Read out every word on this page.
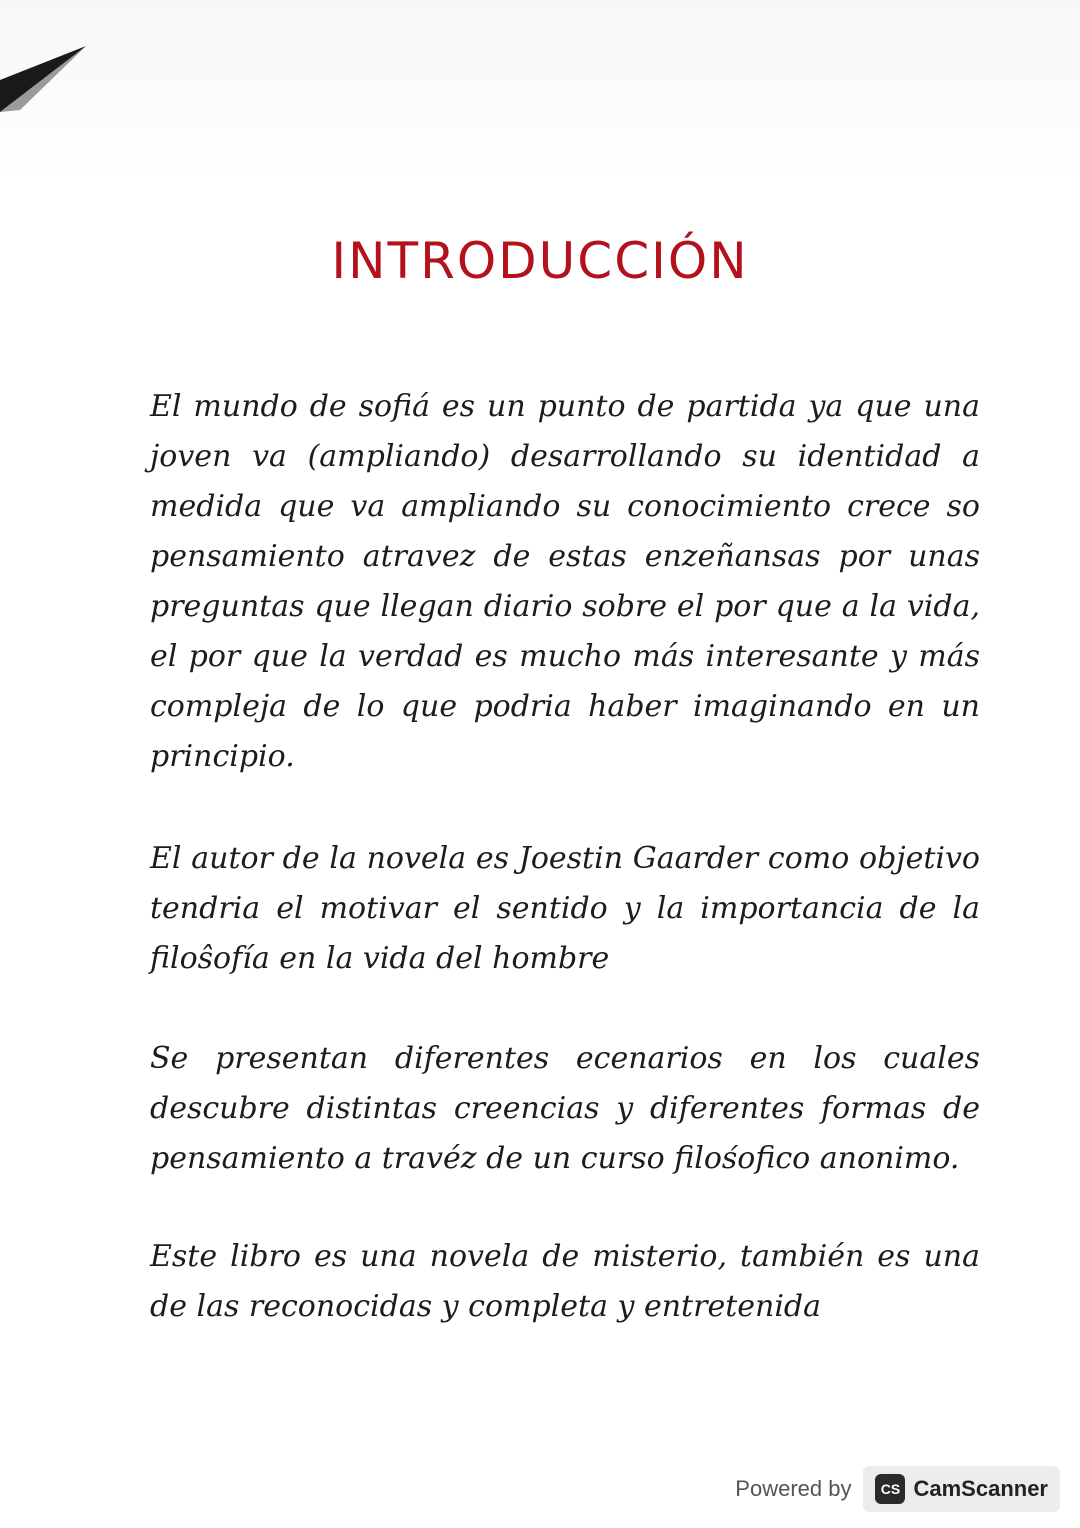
INTRODUCCIÓN

El mundo de sofiá es un punto de partida ya que una joven va (ampliando) desarrollando su identidad a medida que va ampliando su conocimiento crece so pensamiento atravez de estas enzeñansas por unas preguntas que llegan diario sobre el por que a la vida, el por que la verdad es mucho más interesante y más compleja de lo que podria haber imaginando en un principio.

El autor de la novela es Joestin Gaarder como objetivo tendria el motivar el sentido y la importancia de la filoŝofía en la vida del hombre

Se presentan diferentes ecenarios en los cuales descubre distintas creencias y diferentes formas de pensamiento a travéz de un curso filośofico anonimo.

Este libro es una novela de misterio, también es una de las reconocidas y completa y entretenida

Powered by	CS CamScanner
